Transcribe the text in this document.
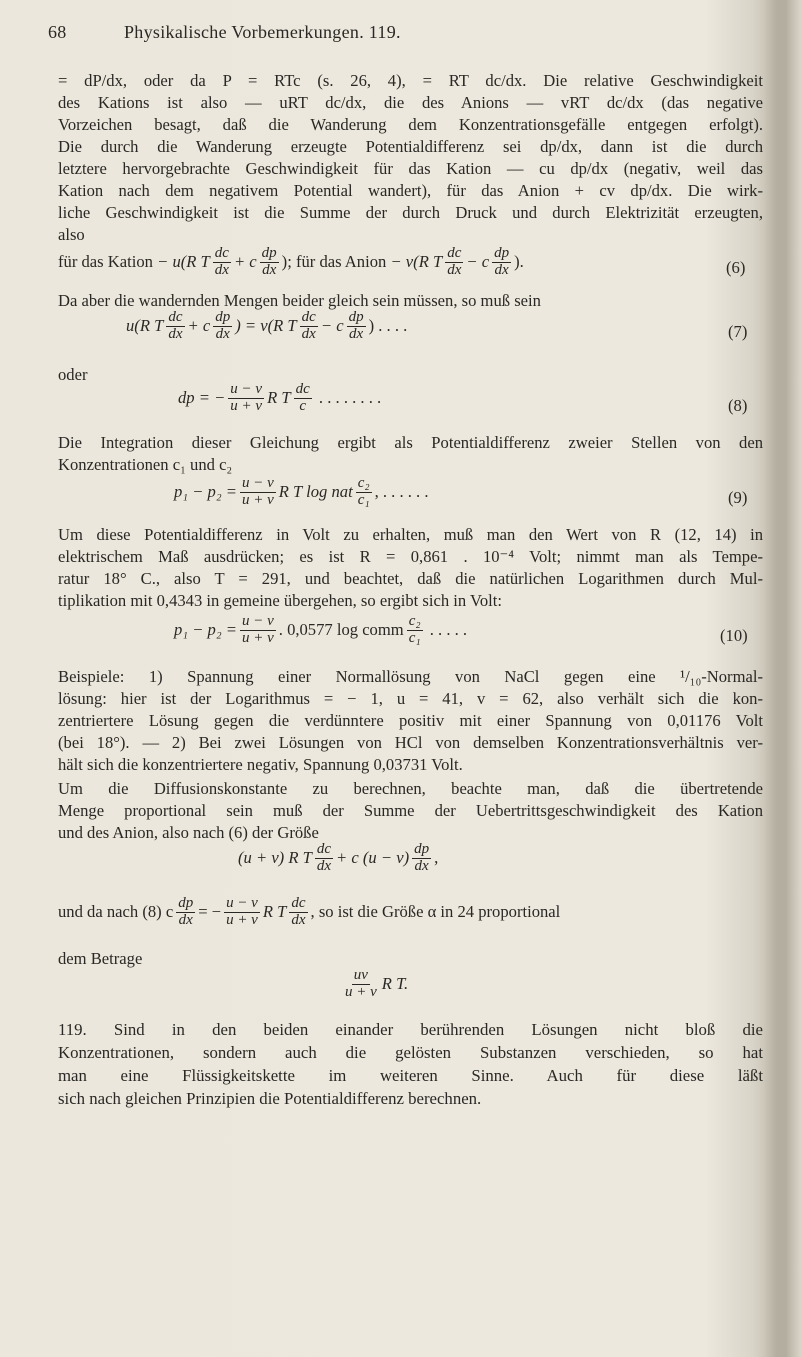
68	Physikalische Vorbemerkungen. 119.
= dP/dx, oder da P = RTc (s. 26, 4), = RT dc/dx. Die relative Geschwindigkeit
des Kations ist also — uRT dc/dx, die des Anions — vRT dc/dx (das negative
Vorzeichen besagt, daß die Wanderung dem Konzentrationsgefälle entgegen erfolgt).
Die durch die Wanderung erzeugte Potentialdifferenz sei dp/dx, dann ist die durch
letztere hervorgebrachte Geschwindigkeit für das Kation — cu dp/dx (negativ, weil das
Kation nach dem negativem Potential wandert), für das Anion + cv dp/dx. Die wirk-
liche Geschwindigkeit ist die Summe der durch Druck und durch Elektrizität erzeugten,
also
für das Kation
− u(R T $\frac{dc}{dx} + c \frac{dp}{dx}$ ) ; für das Anion
− v(R T $\frac{dc}{dx} - c \frac{dp}{dx}$ ).	(6)
Da aber die wandernden Mengen beider gleich sein müssen, so muß sein
u(R T $\frac{dc}{dx} + c \frac{dp}{dx}$ ) = v(R T $\frac{dc}{dx} - c \frac{dp}{dx}$ )
. . . .	(7)
oder
dp = − $\frac{u - v}{u + v}$ R T $\frac{dc}{c}$
. . . . . . . .	(8)
Die Integration dieser Gleichung ergibt als Potentialdifferenz zweier Stellen von den
Konzentrationen c₁ und c₂
$p_1 - p_2 = \frac{u - v}{u + v}$ R T log nat $\frac{\text{c₂}}{\text{c₁}}$ , . . . . . .	(9)
Um diese Potentialdifferenz in Volt zu erhalten, muß man den Wert von R (12, 14) in
elektrischem Maß ausdrücken; es ist R = 0,861 . 10⁻⁴ Volt; nimmt man als Tempe-
ratur 18° C., also T = 291, und beachtet, daß die natürlichen Logarithmen durch Mul-
tiplikation mit 0,4343 in gemeine übergehen, so ergibt sich in Volt:
$p_1 - p_2 = \frac{u - v}{u + v}$ . 0,0577 log comm $\frac{\text{c₂}}{\text{c₁}}$
. . . . .	(10)
Beispiele: 1) Spannung einer Normallösung von NaCl gegen eine ¹/₁₀-Normal-
lösung: hier ist der Logarithmus = − 1, u = 41, v = 62, also verhält sich die kon-
zentriertere Lösung gegen die verdünntere positiv mit einer Spannung von 0,01176 Volt
(bei 18°). — 2) Bei zwei Lösungen von HCl von demselben Konzentrationsverhältnis ver-
hält sich die konzentriertere negativ, Spannung 0,03731 Volt.
Um die Diffusionskonstante zu berechnen, beachte man, daß die übertretende
Menge proportional sein muß der Summe der Uebertrittsgeschwindigkeit des Kation
und des Anion, also nach (6) der Größe
(u + v) R T $\frac{dc}{dx} + c$ $(u - v) \frac{dp}{dx}$ ,
und da nach (8) c $\frac{dp}{dx}$ = − $\frac{u - v}{u + v}$ R T $\frac{dc}{dx}$ , so ist die Größe α in 24 proportional
dem Betrage
$\frac{uv}{u + v}$ R T.
119. Sind in den beiden einander berührenden Lösungen nicht bloß die
Konzentrationen, sondern auch die gelösten Substanzen verschieden, so hat
man eine Flüssigkeitskette im weiteren Sinne. Auch für diese läßt
sich nach gleichen Prinzipien die Potentialdifferenz berechnen.
